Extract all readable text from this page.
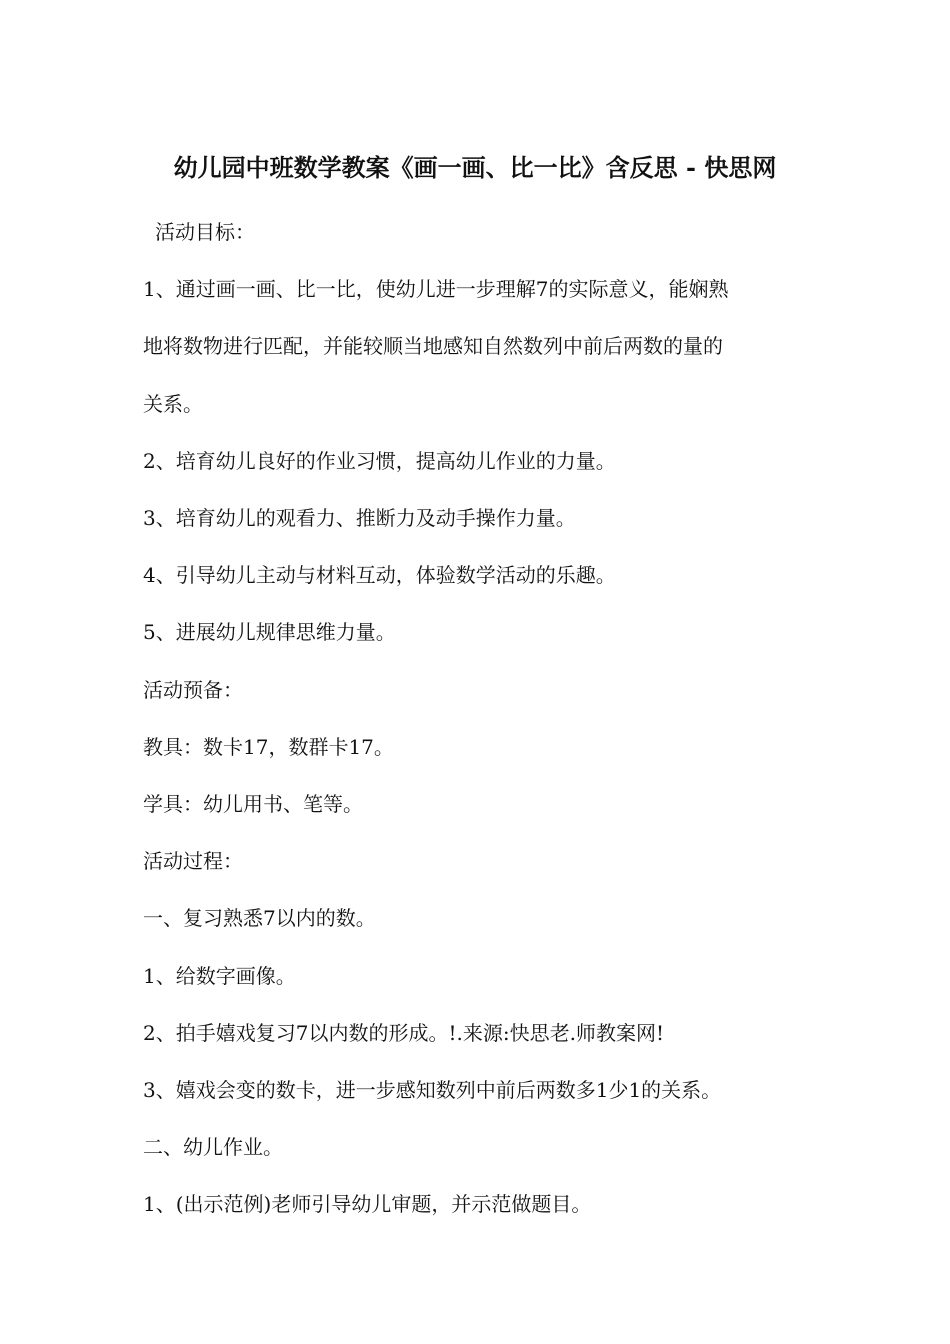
幼儿园中班数学教案《画一画、比一比》含反思 - 快思网

活动目标：

1、通过画一画、比一比，使幼儿进一步理解7的实际意义，能娴熟

地将数物进行匹配，并能较顺当地感知自然数列中前后两数的量的

关系。

2、培育幼儿良好的作业习惯，提高幼儿作业的力量。

3、培育幼儿的观看力、推断力及动手操作力量。

4、引导幼儿主动与材料互动，体验数学活动的乐趣。

5、进展幼儿规律思维力量。

活动预备：

教具：数卡17，数群卡17。

学具：幼儿用书、笔等。

活动过程：

一、复习熟悉7以内的数。

1、给数字画像。

2、拍手嬉戏复习7以内数的形成。!.来源:快思老.师教案网!

3、嬉戏会变的数卡，进一步感知数列中前后两数多1少1的关系。

二、幼儿作业。

1、(出示范例)老师引导幼儿审题，并示范做题目。
